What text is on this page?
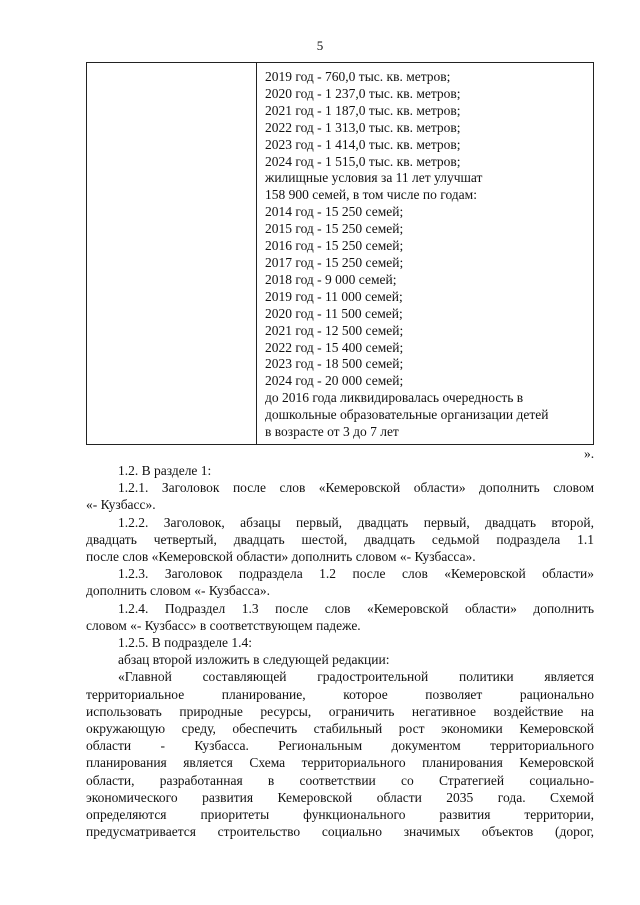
5
2019 год - 760,0 тыс. кв. метров;
2020 год - 1 237,0 тыс. кв. метров;
2021 год - 1 187,0 тыс. кв. метров;
2022 год - 1 313,0 тыс. кв. метров;
2023 год - 1 414,0 тыс. кв. метров;
2024 год - 1 515,0 тыс. кв. метров;
жилищные условия за 11 лет улучшат
158 900 семей, в том числе по годам:
2014 год - 15 250 семей;
2015 год - 15 250 семей;
2016 год - 15 250 семей;
2017 год - 15 250 семей;
2018 год - 9 000 семей;
2019 год - 11 000 семей;
2020 год - 11 500 семей;
2021 год - 12 500 семей;
2022 год - 15 400 семей;
2023 год - 18 500 семей;
2024 год - 20 000 семей;
до 2016 года ликвидировалась очередность в
дошкольные образовательные организации детей
в возрасте от 3 до 7 лет
».

1.2. В разделе 1:

1.2.1. Заголовок после слов «Кемеровской области» дополнить словом

«- Кузбасс».

1.2.2. Заголовок, абзацы первый, двадцать первый, двадцать второй,

двадцать четвертый, двадцать шестой, двадцать седьмой подраздела 1.1

после слов «Кемеровской области» дополнить словом «- Кузбасса».

1.2.3. Заголовок подраздела 1.2 после слов «Кемеровской области»

дополнить словом «- Кузбасса».

1.2.4. Подраздел 1.3 после слов «Кемеровской области» дополнить

словом «- Кузбасс» в соответствующем падеже.

1.2.5. В подразделе 1.4:

абзац второй изложить в следующей редакции:

«Главной составляющей градостроительной политики является

территориальное планирование, которое позволяет рационально

использовать природные ресурсы, ограничить негативное воздействие на

окружающую среду, обеспечить стабильный рост экономики Кемеровской

области - Кузбасса. Региональным документом территориального

планирования является Схема территориального планирования Кемеровской

области, разработанная в соответствии со Стратегией социально-

экономического развития Кемеровской области 2035 года. Схемой

определяются приоритеты функционального развития территории,

предусматривается строительство социально значимых объектов (дорог,
